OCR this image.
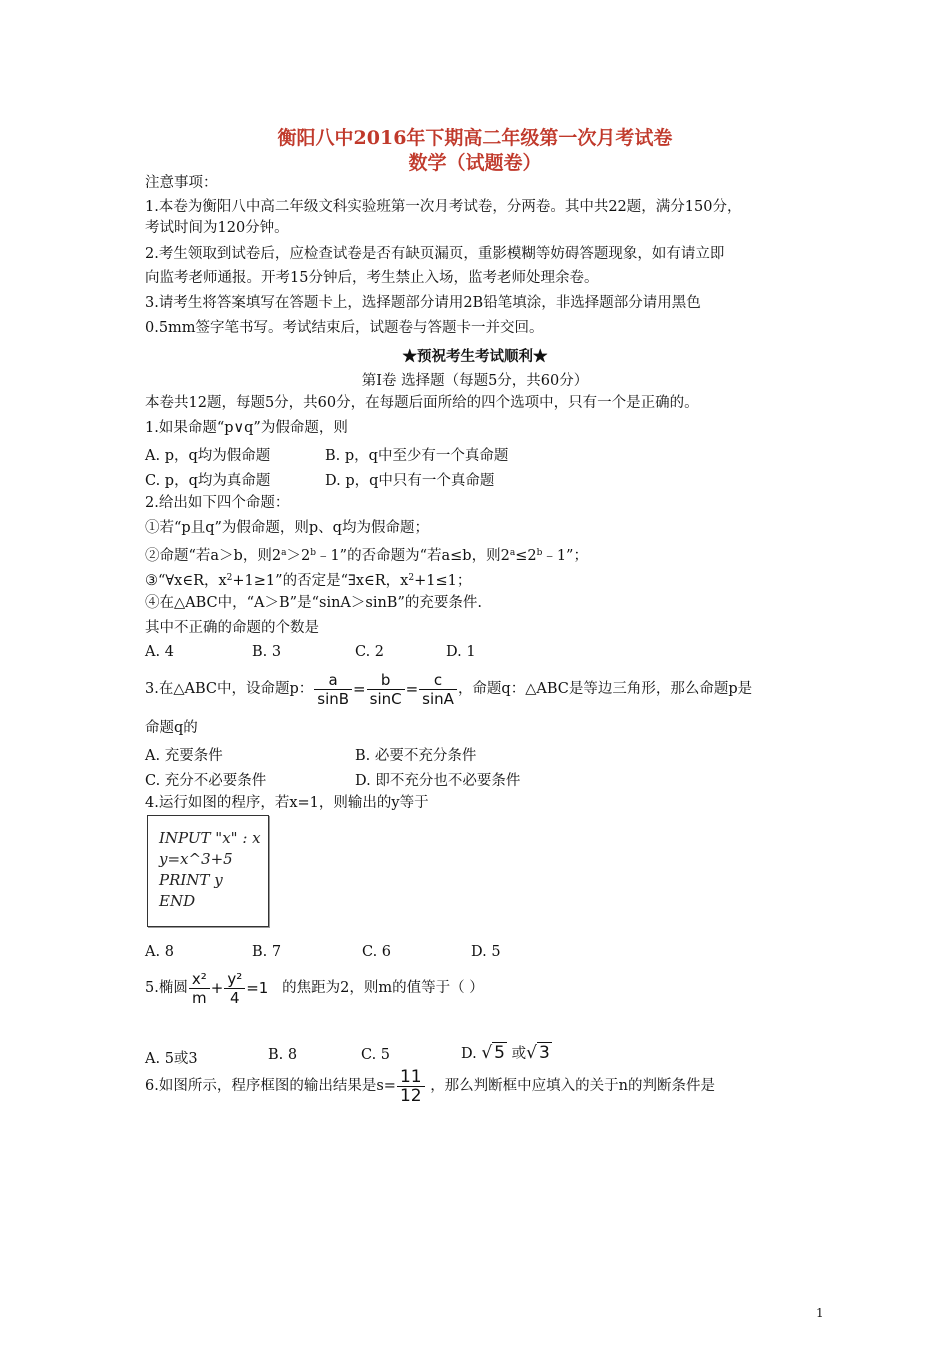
衡阳八中2016年下期高二年级第一次月考试卷
数学（试题卷）
注意事项：
1.本卷为衡阳八中高二年级文科实验班第一次月考试卷，分两卷。其中共22题，满分150分，
考试时间为120分钟。
2.考生领取到试卷后，应检查试卷是否有缺页漏页，重影模糊等妨碍答题现象，如有请立即
向监考老师通报。开考15分钟后，考生禁止入场，监考老师处理余卷。
3.请考生将答案填写在答题卡上，选择题部分请用2B铅笔填涂，非选择题部分请用黑色
0.5mm签字笔书写。考试结束后，试题卷与答题卡一并交回。
★预祝考生考试顺利★
第Ⅰ卷 选择题（每题5分，共60分）
本卷共12题，每题5分，共60分，在每题后面所给的四个选项中，只有一个是正确的。
1.如果命题“p∨q”为假命题，则
A. p，q均为假命题	B. p，q中至少有一个真命题
C. p，q均为真命题	D. p，q中只有一个真命题
2.给出如下四个命题：
①若“p且q”为假命题，则p、q均为假命题；
②命题“若a＞b，则$2^a>2^b﹣1$”的否命题为“若a≤b，则$2^a\le 2^b﹣1$”；
③“∀x∈R，$x^2+1\ge 1$”的否定是“∃x∈R，$x^2+1\le 1$；
④在△ABC中，“A＞B”是“sinA＞sinB”的充要条件.
其中不正确的命题的个数是
A. 4	B. 3	C. 2	D. 1
3.在△ABC中，设命题p： $\frac{a}{\sin B} = \frac{b}{\sin C} = \frac{c}{\sin A}$ ，命题q：△ABC是等边三角形，那么命题p是
命题q的
A. 充要条件	B. 必要不充分条件
C. 充分不必要条件	D. 即不充分也不必要条件
4.运行如图的程序，若x=1，则输出的y等于
INPUT "x" : x
y=x^3+5
PRINT y
END
A. 8	B. 7	C. 6	D. 5
5.椭圆 $\frac{\text{x²}}{m} + \frac{\text{y²}}{4} =1$ 的焦距为2，则m的值等于（ ）
A. 5或3	B. 8	C. 5	D. √ 5 或√ 3
6.如图所示，程序框图的输出结果是$s= \frac{11}{12}$ ，那么判断框中应填入的关于n的判断条件是
1
